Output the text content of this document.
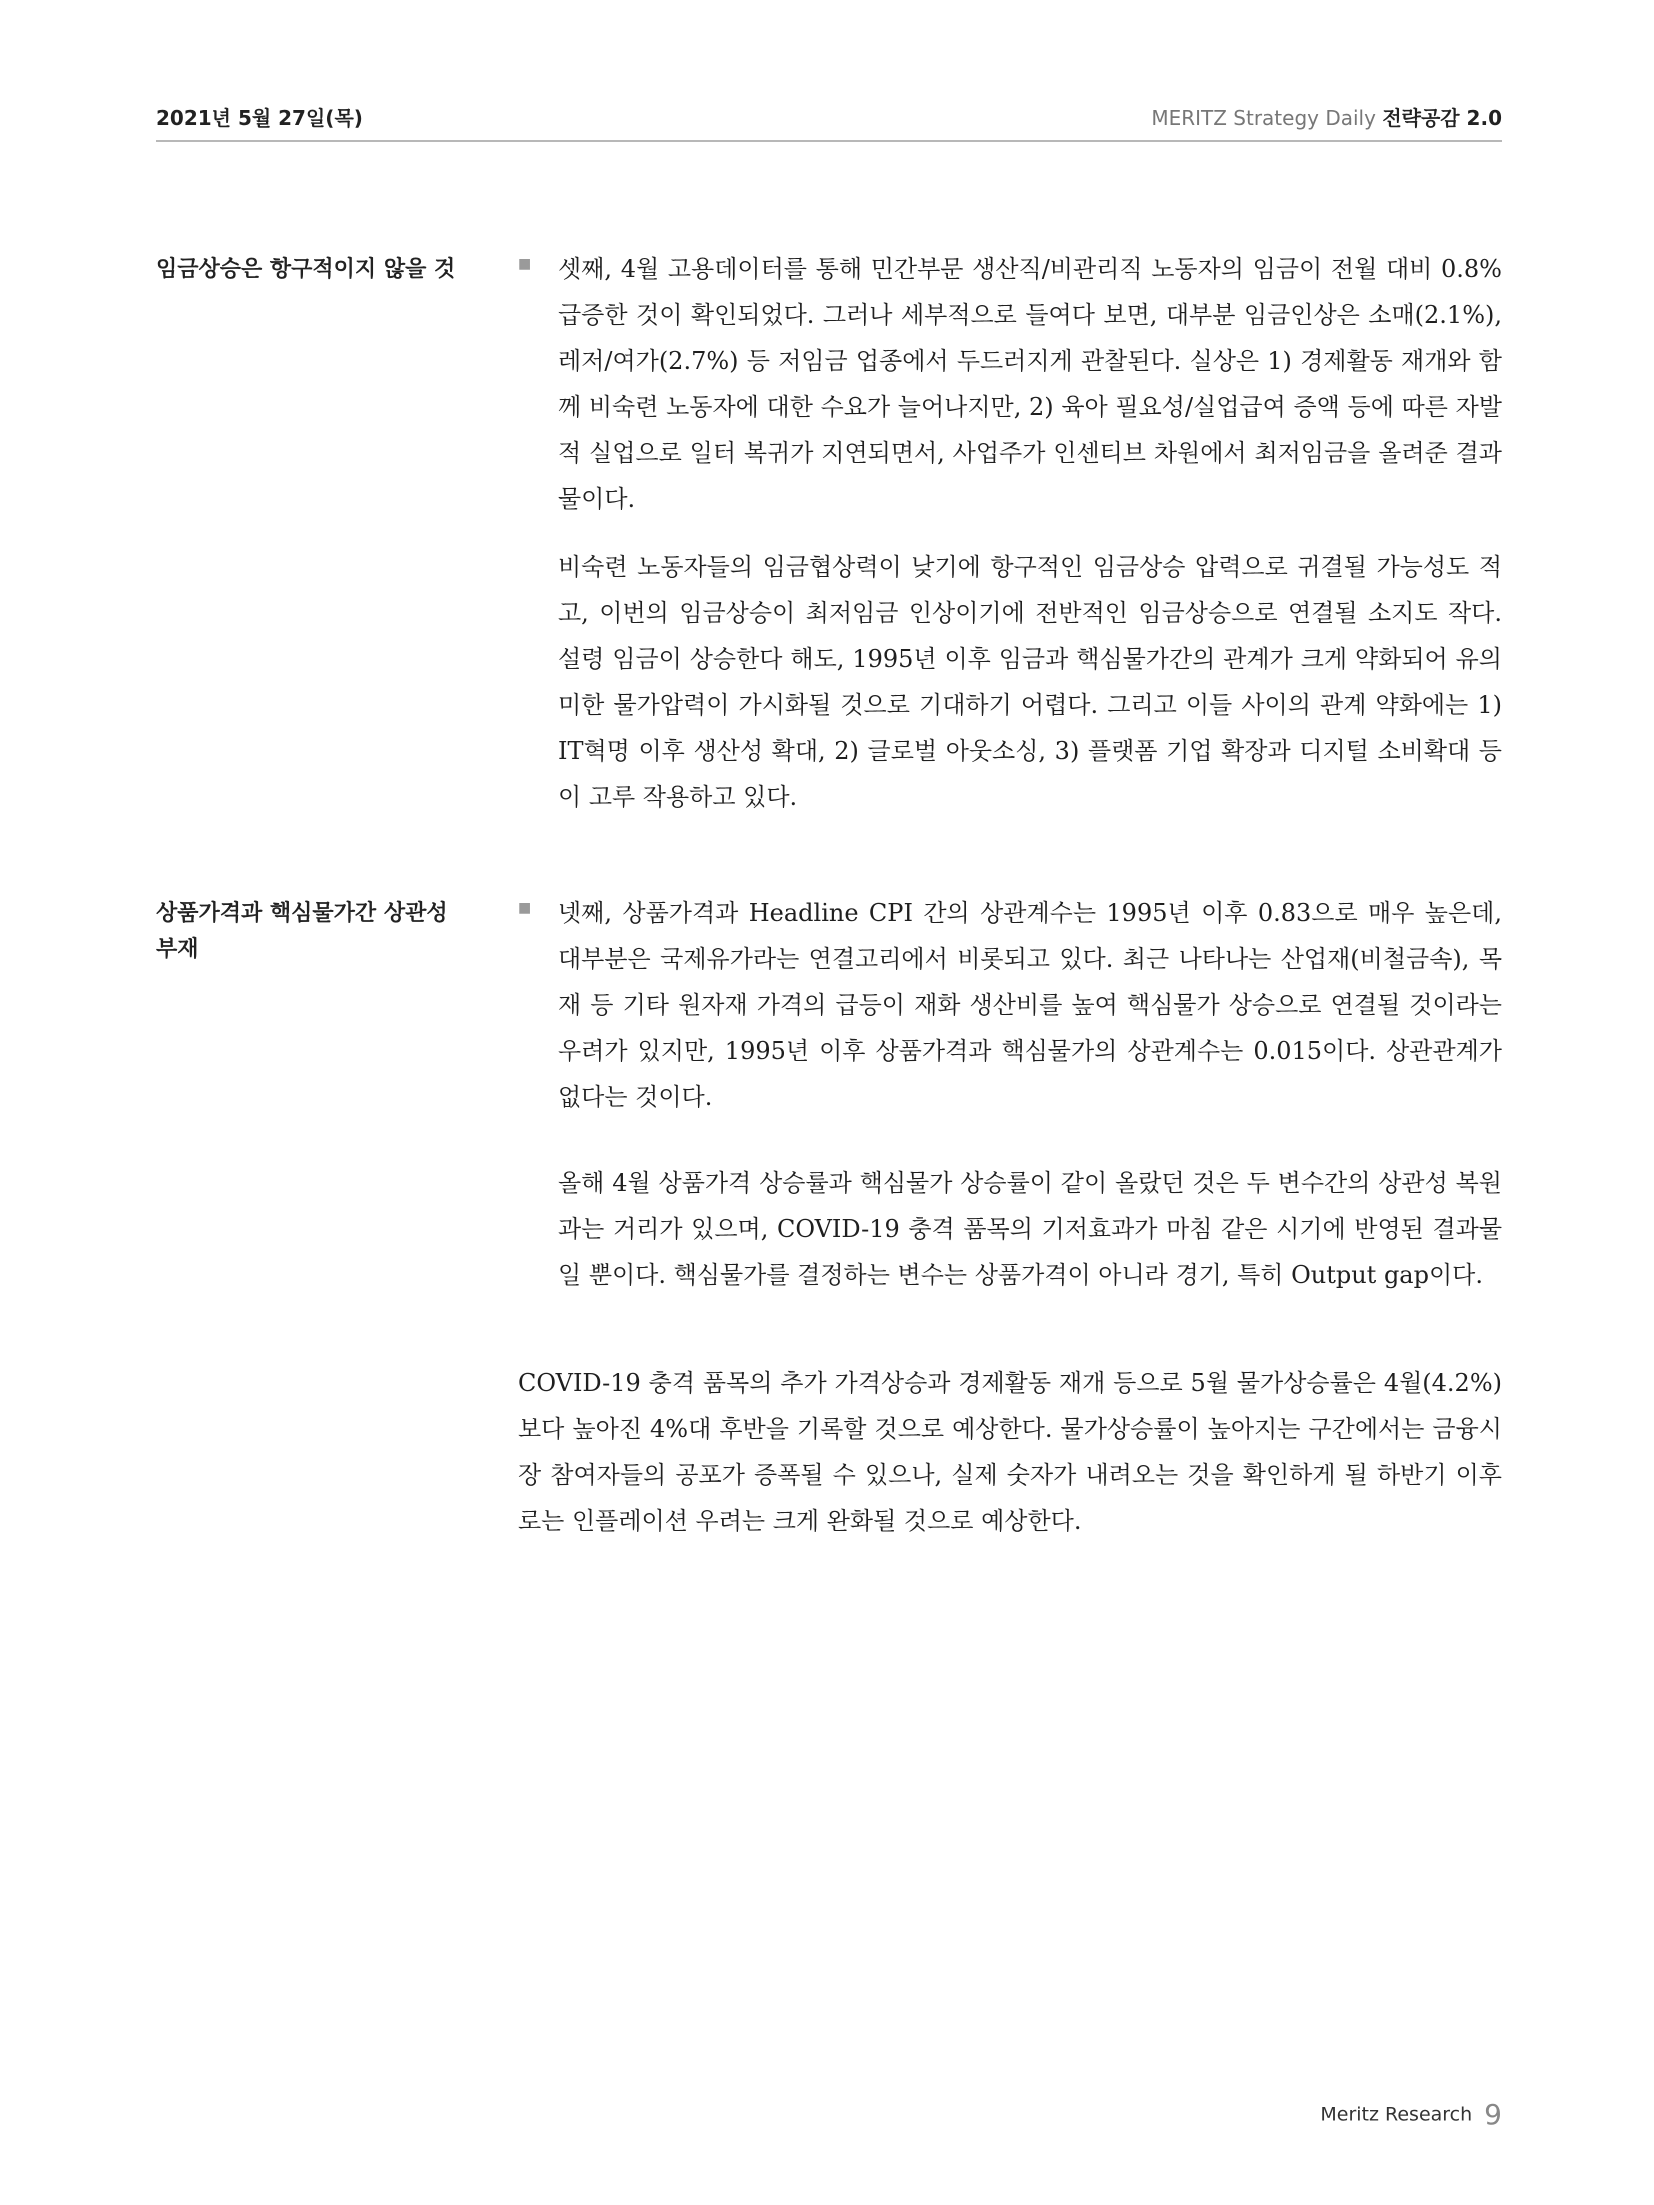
2021년 5월 27일(목)	MERITZ Strategy Daily 전략공감 2.0
임금상승은 항구적이지 않을 것	■ 셋째, 4월 고용데이터를 통해 민간부문 생산직/비관리직 노동자의 임금이 전월 대비 0.8% 급증한 것이 확인되었다. 그러나 세부적으로 들여다 보면, 대부분 임금인상은 소매(2.1%), 레저/여가(2.7%) 등 저임금 업종에서 두드러지게 관찰된다. 실상은 1) 경제활동 재개와 함께 비숙련 노동자에 대한 수요가 늘어나지만, 2) 육아 필요성/실업급여 증액 등에 따른 자발적 실업으로 일터 복귀가 지연되면서, 사업주가 인센티브 차원에서 최저임금을 올려준 결과물이다.

비숙련 노동자들의 임금협상력이 낮기에 항구적인 임금상승 압력으로 귀결될 가능성도 적고, 이번의 임금상승이 최저임금 인상이기에 전반적인 임금상승으로 연결될 소지도 작다. 설령 임금이 상승한다 해도, 1995년 이후 임금과 핵심물가간의 관계가 크게 약화되어 유의미한 물가압력이 가시화될 것으로 기대하기 어렵다. 그리고 이들 사이의 관계 약화에는 1) IT혁명 이후 생산성 확대, 2) 글로벌 아웃소싱, 3) 플랫폼 기업 확장과 디지털 소비확대 등이 고루 작용하고 있다.

상품가격과 핵심물가간 상관성 부재
■ 넷째, 상품가격과 Headline CPI 간의 상관계수는 1995년 이후 0.83으로 매우 높은데, 대부분은 국제유가라는 연결고리에서 비롯되고 있다. 최근 나타나는 산업재(비철금속), 목재 등 기타 원자재 가격의 급등이 재화 생산비를 높여 핵심물가 상승으로 연결될 것이라는 우려가 있지만, 1995년 이후 상품가격과 핵심물가의 상관계수는 0.015이다. 상관관계가 없다는 것이다.

올해 4월 상품가격 상승률과 핵심물가 상승률이 같이 올랐던 것은 두 변수간의 상관성 복원과는 거리가 있으며, COVID-19 충격 품목의 기저효과가 마침 같은 시기에 반영된 결과물일 뿐이다. 핵심물가를 결정하는 변수는 상품가격이 아니라 경기, 특히 Output gap이다.

COVID-19 충격 품목의 추가 가격상승과 경제활동 재개 등으로 5월 물가상승률은 4월(4.2%)보다 높아진 4%대 후반을 기록할 것으로 예상한다. 물가상승률이 높아지는 구간에서는 금융시장 참여자들의 공포가 증폭될 수 있으나, 실제 숫자가 내려오는 것을 확인하게 될 하반기 이후로는 인플레이션 우려는 크게 완화될 것으로 예상한다.

Meritz Research 9
